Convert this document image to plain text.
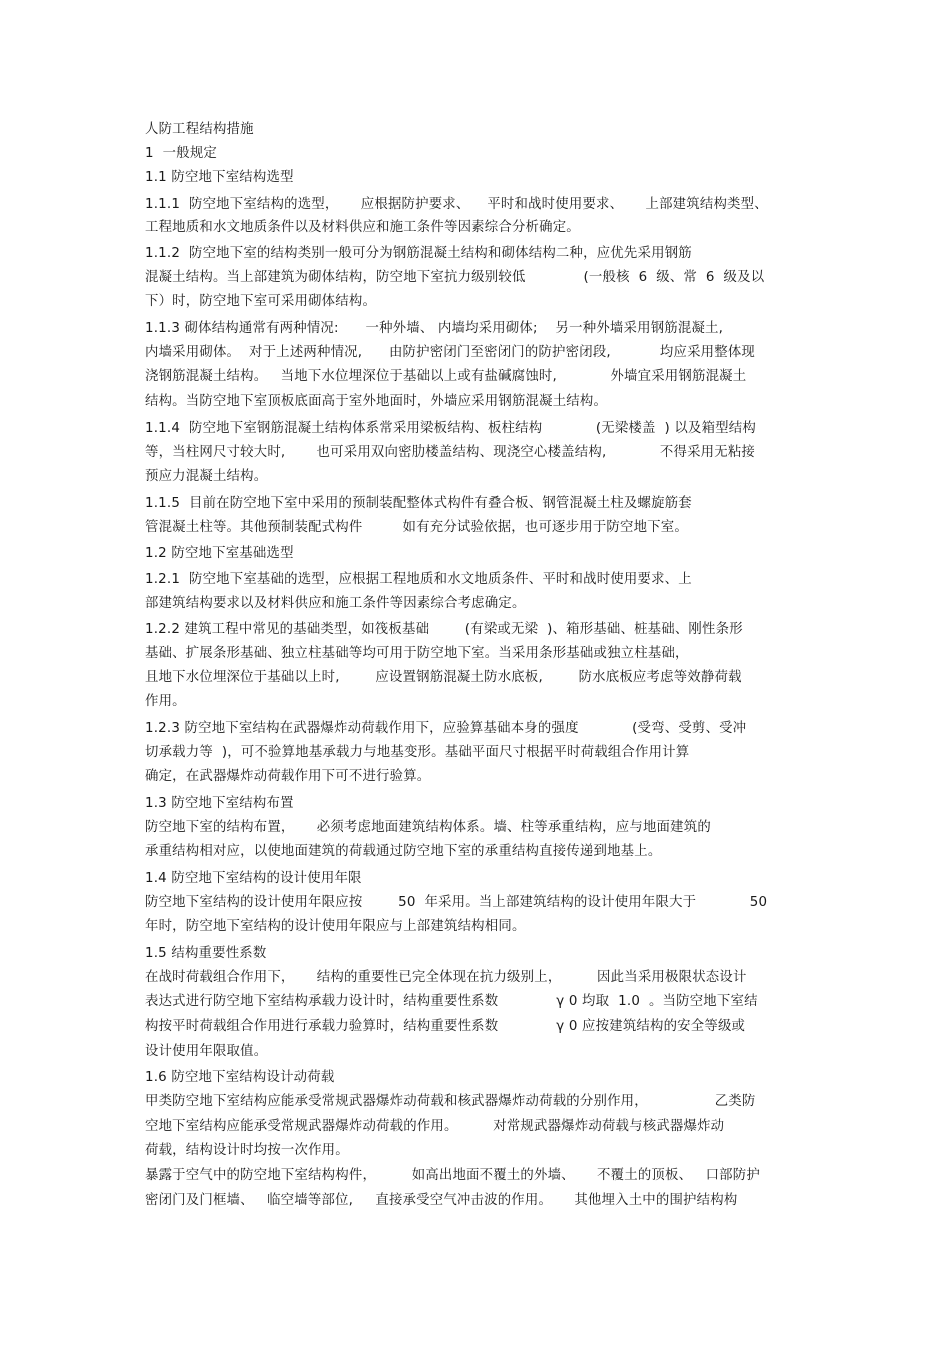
人防工程结构措施
1  一般规定
1.1 防空地下室结构选型
1.1.1  防空地下室结构的选型，     应根据防护要求、    平时和战时使用要求、     上部建筑结构类型、
工程地质和水文地质条件以及材料供应和施工条件等因素综合分析确定。
1.1.2  防空地下室的结构类别一般可分为钢筋混凝土结构和砌体结构二种，应优先采用钢筋
混凝土结构。当上部建筑为砌体结构，防空地下室抗力级别较低             (一般核  6  级、常  6  级及以
下）时，防空地下室可采用砌体结构。
1.1.3 砌体结构通常有两种情况:      一种外墙、 内墙均采用砌体;    另一种外墙采用钢筋混凝土,
内墙采用砌体。  对于上述两种情况,      由防护密闭门至密闭门的防护密闭段,           均应采用整体现
浇钢筋混凝土结构。   当地下水位埋深位于基础以上或有盐碱腐蚀时,            外墙宜采用钢筋混凝土
结构。当防空地下室顶板底面高于室外地面时，外墙应采用钢筋混凝土结构。
1.1.4  防空地下室钢筋混凝土结构体系常采用梁板结构、板柱结构            (无梁楼盖  ) 以及箱型结构
等，当柱网尺寸较大时,       也可采用双向密肋楼盖结构、现浇空心楼盖结构,            不得采用无粘接
预应力混凝土结构。
1.1.5  目前在防空地下室中采用的预制装配整体式构件有叠合板、钢管混凝土柱及螺旋筋套
管混凝土柱等。其他预制装配式构件         如有充分试验依据，也可逐步用于防空地下室。
1.2 防空地下室基础选型
1.2.1  防空地下室基础的选型，应根据工程地质和水文地质条件、平时和战时使用要求、上
部建筑结构要求以及材料供应和施工条件等因素综合考虑确定。
1.2.2 建筑工程中常见的基础类型，如筏板基础        (有梁或无梁  )、箱形基础、桩基础、刚性条形
基础、扩展条形基础、独立柱基础等均可用于防空地下室。当采用条形基础或独立柱基础，
且地下水位埋深位于基础以上时,        应设置钢筋混凝土防水底板,        防水底板应考虑等效静荷载
作用。
1.2.3 防空地下室结构在武器爆炸动荷载作用下，应验算基础本身的强度            (受弯、受剪、受冲
切承载力等  )，可不验算地基承载力与地基变形。基础平面尺寸根据平时荷载组合作用计算
确定，在武器爆炸动荷载作用下可不进行验算。
1.3 防空地下室结构布置
防空地下室的结构布置，     必须考虑地面建筑结构体系。墙、柱等承重结构，应与地面建筑的
承重结构相对应，以使地面建筑的荷载通过防空地下室的承重结构直接传递到地基上。
1.4 防空地下室结构的设计使用年限
防空地下室结构的设计使用年限应按        50  年采用。当上部建筑结构的设计使用年限大于            50
年时，防空地下室结构的设计使用年限应与上部建筑结构相同。
1.5 结构重要性系数
在战时荷载组合作用下，     结构的重要性已完全体现在抗力级别上，        因此当采用极限状态设计
表达式进行防空地下室结构承载力设计时，结构重要性系数             γ 0 均取  1.0  。当防空地下室结
构按平时荷载组合作用进行承载力验算时，结构重要性系数             γ 0 应按建筑结构的安全等级或
设计使用年限取值。
1.6 防空地下室结构设计动荷载
甲类防空地下室结构应能承受常规武器爆炸动荷载和核武器爆炸动荷载的分别作用，               乙类防
空地下室结构应能承受常规武器爆炸动荷载的作用。        对常规武器爆炸动荷载与核武器爆炸动
荷载，结构设计时均按一次作用。
暴露于空气中的防空地下室结构构件，        如高出地面不覆土的外墙、     不覆土的顶板、   口部防护
密闭门及门框墙、   临空墙等部位,     直接承受空气冲击波的作用。     其他埋入土中的围护结构构
